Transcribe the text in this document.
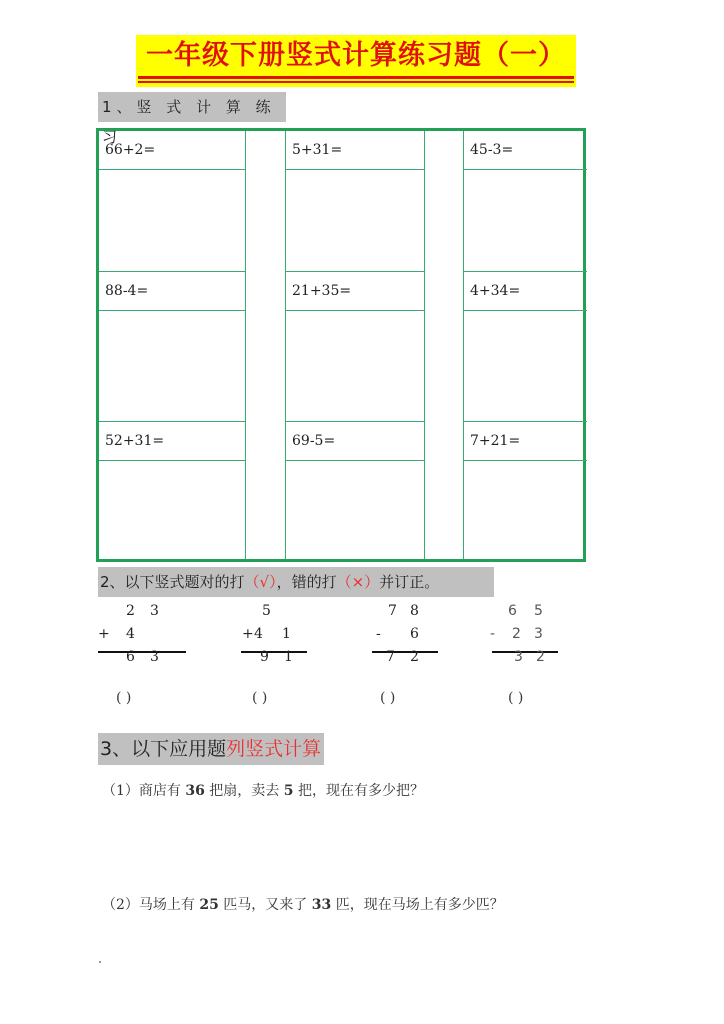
一年级下册竖式计算练习题（一）
1、竖 式 计 算 练 习
66+2=
88-4=
52+31=
5+31=
21+35=
69-5=
45-3=
4+34=
7+21=
2、以下竖式题对的打（√），错的打（×）并订正。
2 3
+ 4
6 3
( )
5
+ 4 1
9 1
( )
7 8
- 6
7 2
( )
6 5
- 2 3
3 2
( )
3、以下应用题列竖式计算
（1）商店有 36 把扇，卖去 5 把，现在有多少把？
（2）马场上有 25 匹马，又来了 33 匹，现在马场上有多少匹？
